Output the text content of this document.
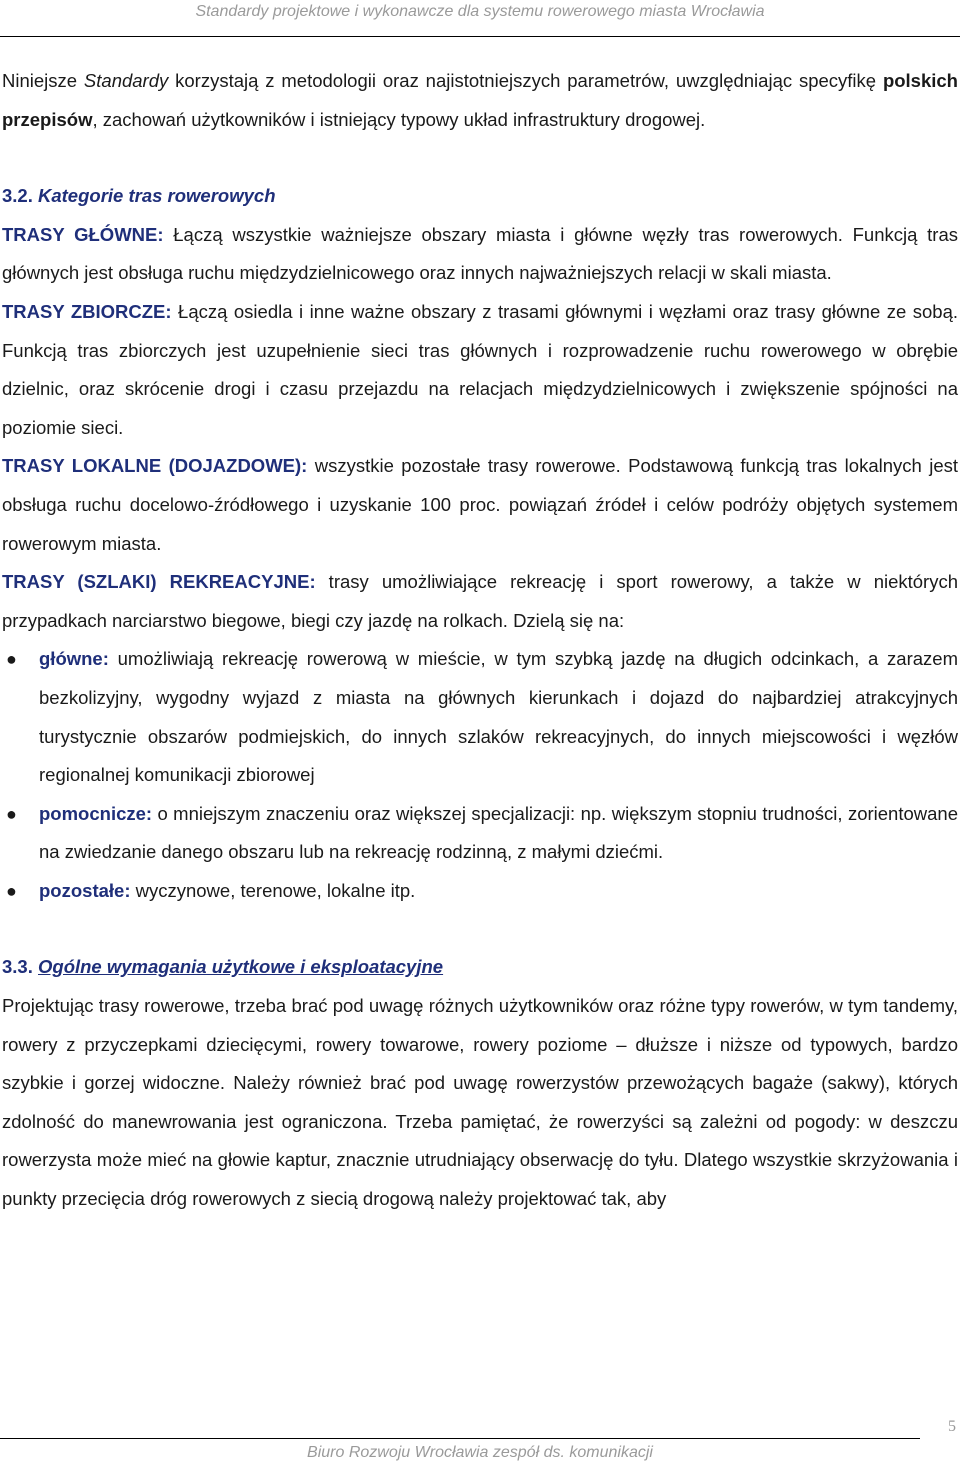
Standardy projektowe i wykonawcze dla systemu rowerowego miasta Wrocławia

Niniejsze Standardy korzystają z metodologii oraz najistotniejszych parametrów, uwzględniając specyfikę polskich przepisów, zachowań użytkowników i istniejący typowy układ infrastruktury drogowej.

3.2. Kategorie tras rowerowych

TRASY GŁÓWNE: Łączą wszystkie ważniejsze obszary miasta i główne węzły tras rowerowych. Funkcją tras głównych jest obsługa ruchu międzydzielnicowego oraz innych najważniejszych relacji w skali miasta.

TRASY ZBIORCZE: Łączą osiedla i inne ważne obszary z trasami głównymi i węzłami oraz trasy główne ze sobą. Funkcją tras zbiorczych jest uzupełnienie sieci tras głównych i rozprowadzenie ruchu rowerowego w obrębie dzielnic, oraz skrócenie drogi i czasu przejazdu na relacjach międzydzielnicowych i zwiększenie spójności na poziomie sieci.

TRASY LOKALNE (DOJAZDOWE): wszystkie pozostałe trasy rowerowe. Podstawową funkcją tras lokalnych jest obsługa ruchu docelowo-źródłowego i uzyskanie 100 proc. powiązań źródeł i celów podróży objętych systemem rowerowym miasta.

TRASY (SZLAKI) REKREACYJNE: trasy umożliwiające rekreację i sport rowerowy, a także w niektórych przypadkach narciarstwo biegowe, biegi czy jazdę na rolkach. Dzielą się na:

● główne: umożliwiają rekreację rowerową w mieście, w tym szybką jazdę na długich odcinkach, a zarazem bezkolizyjny, wygodny wyjazd z miasta na głównych kierunkach i dojazd do najbardziej atrakcyjnych turystycznie obszarów podmiejskich, do innych szlaków rekreacyjnych, do innych miejscowości i węzłów regionalnej komunikacji zbiorowej
● pomocnicze: o mniejszym znaczeniu oraz większej specjalizacji: np. większym stopniu trudności, zorientowane na zwiedzanie danego obszaru lub na rekreację rodzinną, z małymi dziećmi.
● pozostałe: wyczynowe, terenowe, lokalne itp.

3.3. Ogólne wymagania użytkowe i eksploatacyjne

Projektując trasy rowerowe, trzeba brać pod uwagę różnych użytkowników oraz różne typy rowerów, w tym tandemy, rowery z przyczepkami dziecięcymi, rowery towarowe, rowery poziome – dłuższe i niższe od typowych, bardzo szybkie i gorzej widoczne. Należy również brać pod uwagę rowerzystów przewożących bagaże (sakwy), których zdolność do manewrowania jest ograniczona. Trzeba pamiętać, że rowerzyści są zależni od pogody: w deszczu rowerzysta może mieć na głowie kaptur, znacznie utrudniający obserwację do tyłu. Dlatego wszystkie skrzyżowania i punkty przecięcia dróg rowerowych z siecią drogową należy projektować tak, aby

5
Biuro Rozwoju Wrocławia zespół ds. komunikacji
